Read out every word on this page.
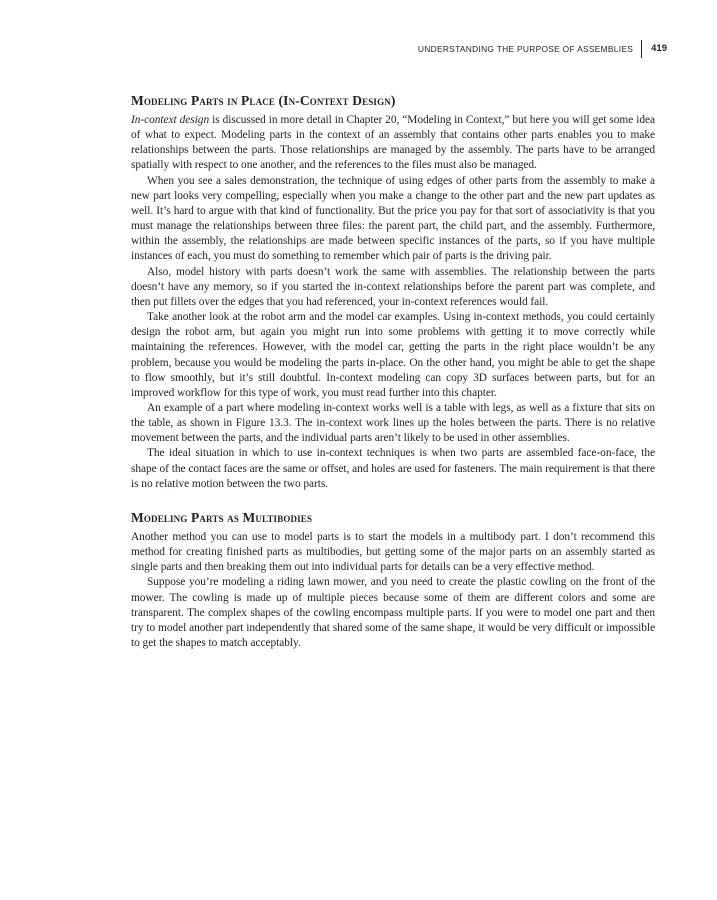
UNDERSTANDING THE PURPOSE OF ASSEMBLIES	419
Modeling Parts in Place (In-Context Design)

In-context design is discussed in more detail in Chapter 20, “Modeling in Context,” but here you will get some idea of what to expect. Modeling parts in the context of an assembly that contains other parts enables you to make relationships between the parts. Those relationships are managed by the assembly. The parts have to be arranged spatially with respect to one another, and the references to the files must also be managed.

When you see a sales demonstration, the technique of using edges of other parts from the assembly to make a new part looks very compelling, especially when you make a change to the other part and the new part updates as well. It’s hard to argue with that kind of functionality. But the price you pay for that sort of associativity is that you must manage the relationships between three files: the parent part, the child part, and the assembly. Furthermore, within the assembly, the relationships are made between specific instances of the parts, so if you have multiple instances of each, you must do something to remember which pair of parts is the driving pair.

Also, model history with parts doesn’t work the same with assemblies. The relationship between the parts doesn’t have any memory, so if you started the in-context relationships before the parent part was complete, and then put fillets over the edges that you had referenced, your in-context references would fail.

Take another look at the robot arm and the model car examples. Using in-context methods, you could certainly design the robot arm, but again you might run into some problems with getting it to move correctly while maintaining the references. However, with the model car, getting the parts in the right place wouldn’t be any problem, because you would be modeling the parts in-place. On the other hand, you might be able to get the shape to flow smoothly, but it’s still doubtful. In-context modeling can copy 3D surfaces between parts, but for an improved workflow for this type of work, you must read further into this chapter.

An example of a part where modeling in-context works well is a table with legs, as well as a fixture that sits on the table, as shown in Figure 13.3. The in-context work lines up the holes between the parts. There is no relative movement between the parts, and the individual parts aren’t likely to be used in other assemblies.

The ideal situation in which to use in-context techniques is when two parts are assembled face-on-face, the shape of the contact faces are the same or offset, and holes are used for fasteners. The main requirement is that there is no relative motion between the two parts.

Modeling Parts as Multibodies

Another method you can use to model parts is to start the models in a multibody part. I don’t recommend this method for creating finished parts as multibodies, but getting some of the major parts on an assembly started as single parts and then breaking them out into individual parts for details can be a very effective method.

Suppose you’re modeling a riding lawn mower, and you need to create the plastic cowling on the front of the mower. The cowling is made up of multiple pieces because some of them are different colors and some are transparent. The complex shapes of the cowling encompass multiple parts. If you were to model one part and then try to model another part independently that shared some of the same shape, it would be very difficult or impossible to get the shapes to match acceptably.
